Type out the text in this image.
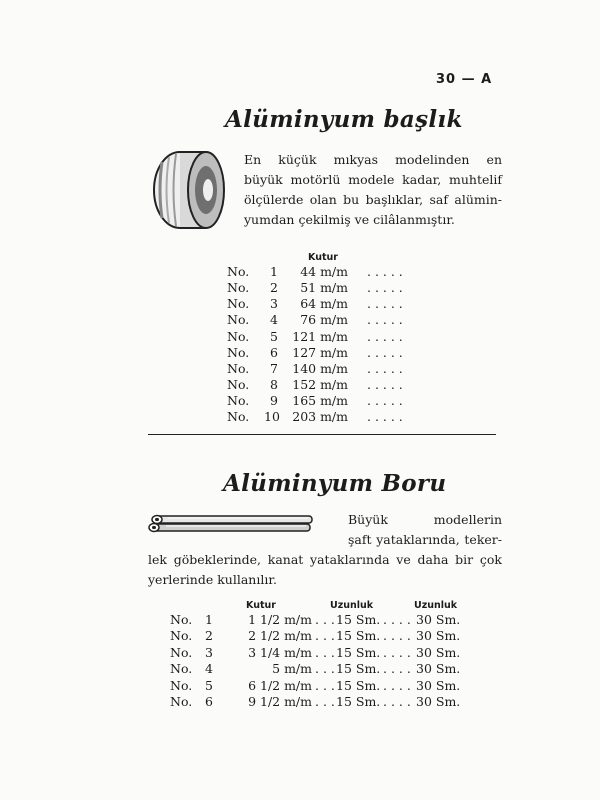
30 — A
Alüminyum başlık
En küçük mıkyas modelinden en
büyük motörlü modele kadar, muhtelif
ölçülerde olan bu başlıklar, saf alümin-
yumdan çekilmiş ve cilâlanmıştır.
Kutur
No.	1	44 m/m . . . . .
No.	2	51 m/m . . . . .
No.	3	64 m/m . . . . .
No.	4	76 m/m . . . . .
No.	5	121 m/m . . . . .
No.	6	127 m/m . . . . .
No.	7	140 m/m . . . . .
No.	8	152 m/m . . . . .
No.	9	165 m/m . . . . .
No. 10 203 m/m . . . . .
Alüminyum Boru
Büyük modellerin
şaft yataklarında, teker-
lek göbeklerinde, kanat yataklarında ve daha bir çok
yerlerinde kullanılır.
Kutur	Uzunluk	Uzunluk
No. 1	1 1/2 m/m . . . 15 Sm. . . . . 30 Sm.
No. 2	2 1/2 m/m . . . 15 Sm. . . . . 30 Sm.
No. 3	3 1/4 m/m . . . 15 Sm. . . . . 30 Sm.
No. 4	5 m/m . . . 15 Sm. . . . . 30 Sm.
No. 5	6 1/2 m/m . . . 15 Sm. . . . . 30 Sm.
No. 6	9 1/2 m/m . . . 15 Sm. . . . . 30 Sm.
